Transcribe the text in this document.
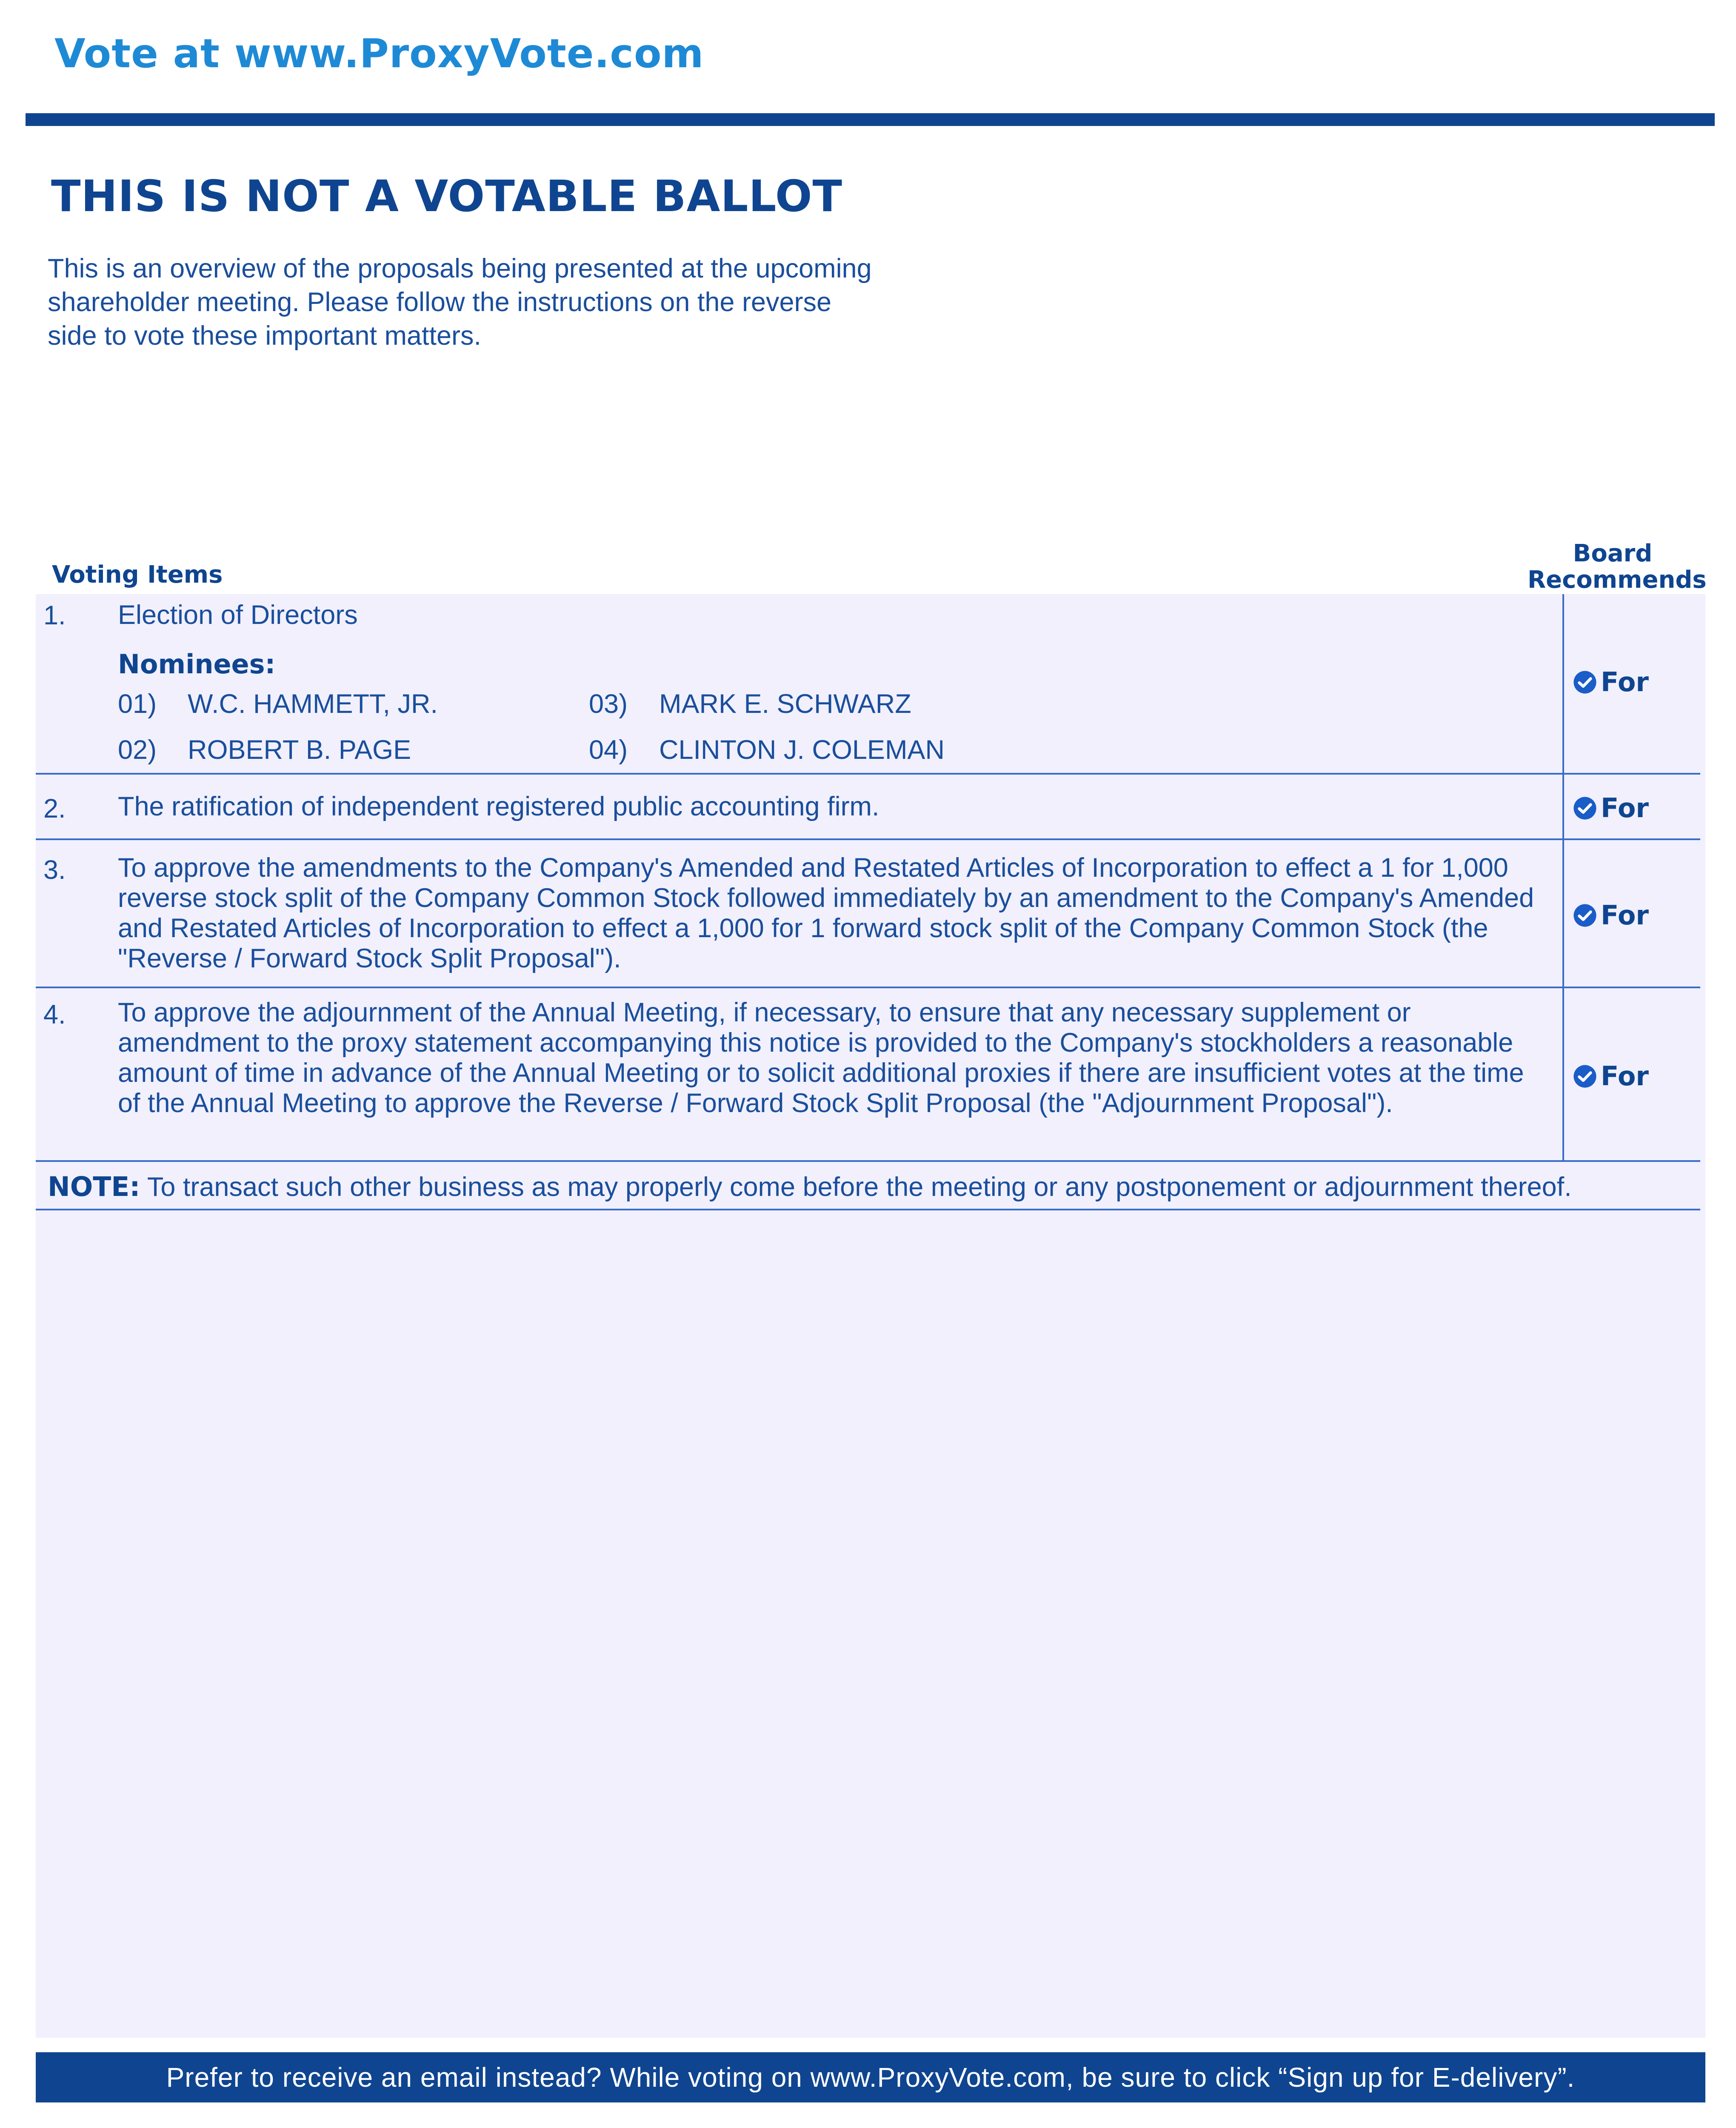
Vote at www.ProxyVote.com
THIS IS NOT A VOTABLE BALLOT
This is an overview of the proposals being presented at the upcoming shareholder meeting. Please follow the instructions on the reverse side to vote these important matters.
Voting Items
Board Recommends
1. Election of Directors
Nominees:
01) W.C. HAMMETT, JR.
02) ROBERT B. PAGE
03) MARK E. SCHWARZ
04) CLINTON J. COLEMAN
For
2. The ratification of independent registered public accounting firm.	For
3. To approve the amendments to the Company's Amended and Restated Articles of Incorporation to effect a 1 for 1,000 reverse stock split of the Company Common Stock followed immediately by an amendment to the Company's Amended and Restated Articles of Incorporation to effect a 1,000 for 1 forward stock split of the Company Common Stock (the "Reverse / Forward Stock Split Proposal").
For
4. To approve the adjournment of the Annual Meeting, if necessary, to ensure that any necessary supplement or amendment to the proxy statement accompanying this notice is provided to the Company's stockholders a reasonable amount of time in advance of the Annual Meeting or to solicit additional proxies if there are insufficient votes at the time of the Annual Meeting to approve the Reverse / Forward Stock Split Proposal (the "Adjournment Proposal").
For
NOTE: To transact such other business as may properly come before the meeting or any postponement or adjournment thereof.
Prefer to receive an email instead? While voting on www.ProxyVote.com, be sure to click “Sign up for E-delivery”.
